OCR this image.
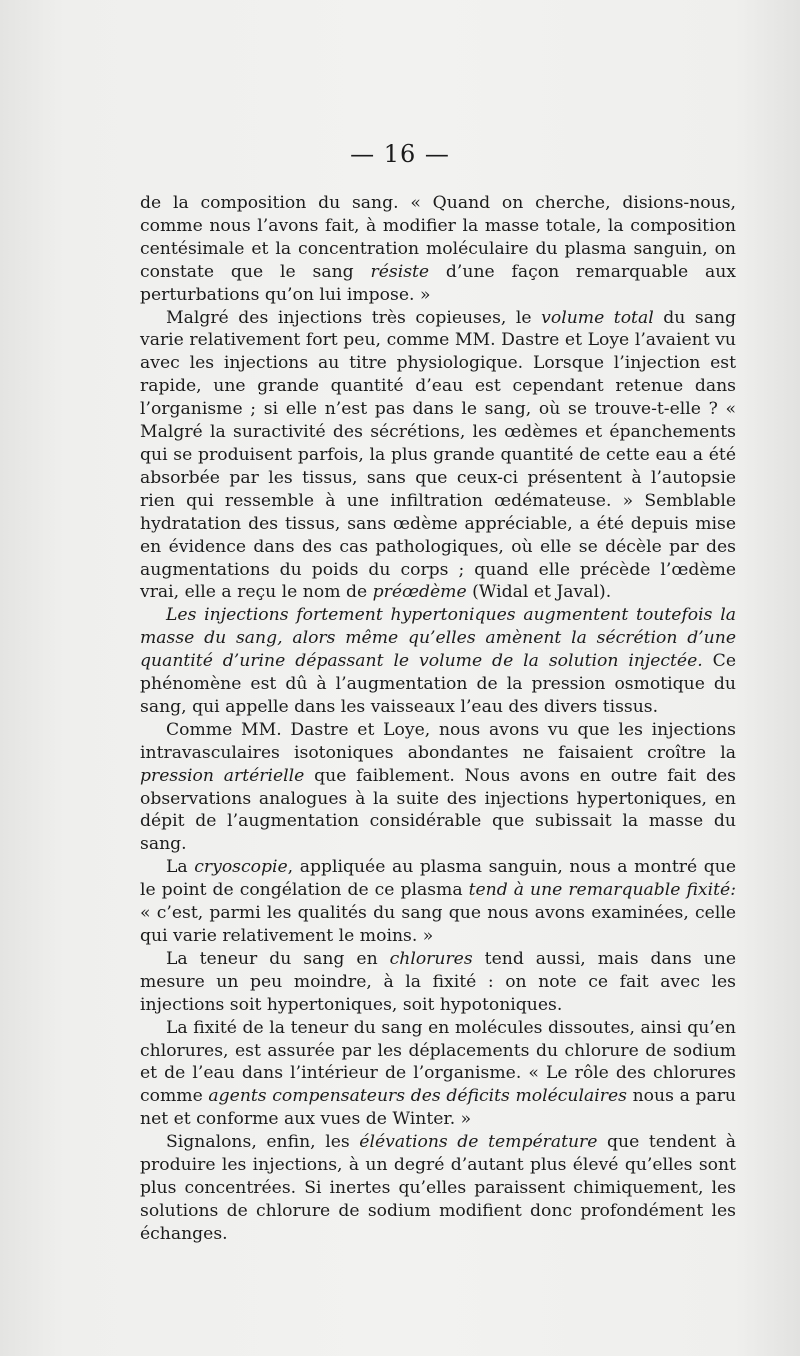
— 16 —

de la composition du sang. « Quand on cherche, disions-nous, comme nous l’avons fait, à modifier la masse totale, la composition centésimale et la concentration moléculaire du plasma sanguin, on constate que le sang résiste d’une façon remarquable aux perturbations qu’on lui impose. »

Malgré des injections très copieuses, le volume total du sang varie relativement fort peu, comme MM. Dastre et Loye l’avaient vu avec les injections au titre physiologique. Lorsque l’injection est rapide, une grande quantité d’eau est cependant retenue dans l’organisme ; si elle n’est pas dans le sang, où se trouve-t-elle ? « Malgré la suractivité des sécrétions, les œdèmes et épanchements qui se produisent parfois, la plus grande quantité de cette eau a été absorbée par les tissus, sans que ceux-ci présentent à l’autopsie rien qui ressemble à une infiltration œdémateuse. » Semblable hydratation des tissus, sans œdème appréciable, a été depuis mise en évidence dans des cas pathologiques, où elle se décèle par des augmentations du poids du corps ; quand elle précède l’œdème vrai, elle a reçu le nom de préœdème (Widal et Javal).

Les injections fortement hypertoniques augmentent toutefois la masse du sang, alors même qu’elles amènent la sécrétion d’une quantité d’urine dépassant le volume de la solution injectée. Ce phénomène est dû à l’augmentation de la pression osmotique du sang, qui appelle dans les vaisseaux l’eau des divers tissus.

Comme MM. Dastre et Loye, nous avons vu que les injections intravasculaires isotoniques abondantes ne faisaient croître la pression artérielle que faiblement. Nous avons en outre fait des observations analogues à la suite des injections hypertoniques, en dépit de l’augmentation considérable que subissait la masse du sang.

La cryoscopie, appliquée au plasma sanguin, nous a montré que le point de congélation de ce plasma tend à une remarquable fixité: « c’est, parmi les qualités du sang que nous avons examinées, celle qui varie relativement le moins. »

La teneur du sang en chlorures tend aussi, mais dans une mesure un peu moindre, à la fixité : on note ce fait avec les injections soit hypertoniques, soit hypotoniques.

La fixité de la teneur du sang en molécules dissoutes, ainsi qu’en chlorures, est assurée par les déplacements du chlorure de sodium et de l’eau dans l’intérieur de l’organisme. « Le rôle des chlorures comme agents compensateurs des déficits moléculaires nous a paru net et conforme aux vues de Winter. »

Signalons, enfin, les élévations de température que tendent à produire les injections, à un degré d’autant plus élevé qu’elles sont plus concentrées. Si inertes qu’elles paraissent chimiquement, les solutions de chlorure de sodium modifient donc profondément les échanges.
